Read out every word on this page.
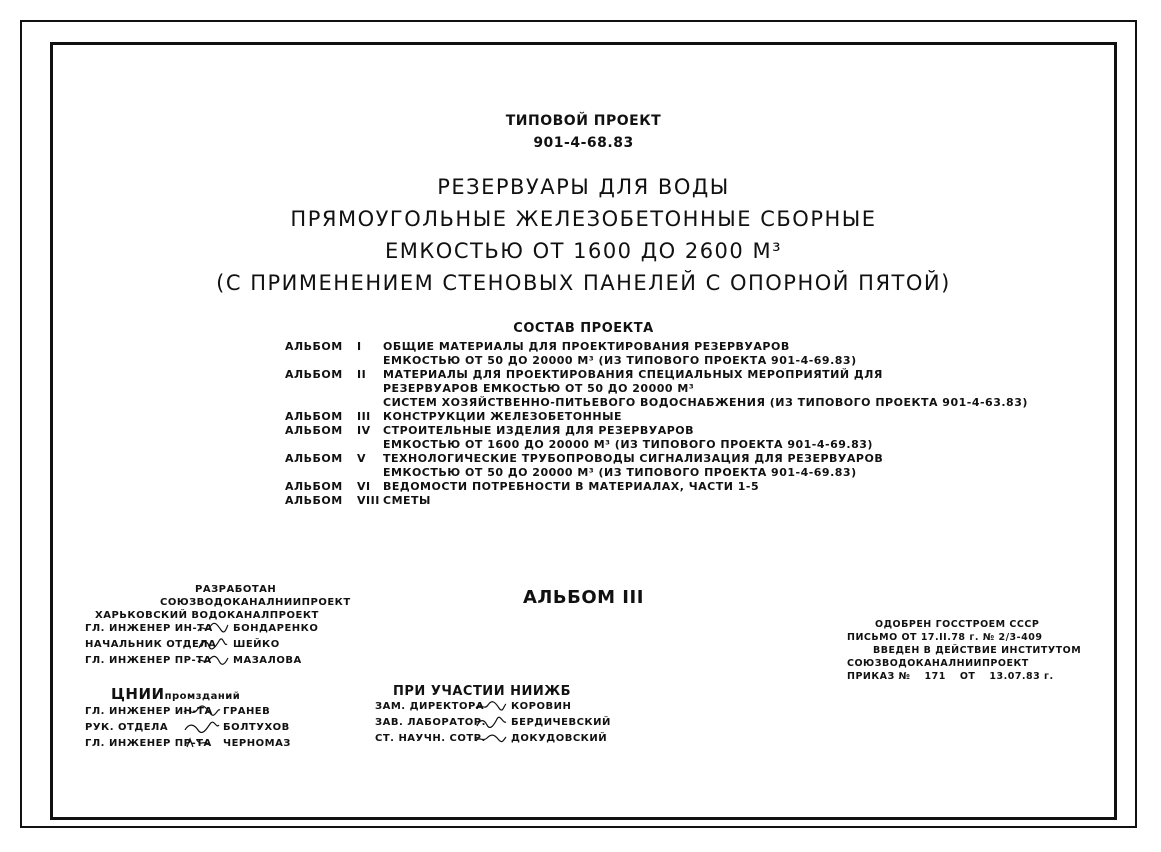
ТИПОВОЙ ПРОЕКТ
901-4-68.83
РЕЗЕРВУАРЫ ДЛЯ ВОДЫ
ПРЯМОУГОЛЬНЫЕ ЖЕЛЕЗОБЕТОННЫЕ СБОРНЫЕ
ЕМКОСТЬЮ ОТ 1600 ДО 2600 М³
(С ПРИМЕНЕНИЕМ СТЕНОВЫХ ПАНЕЛЕЙ С ОПОРНОЙ ПЯТОЙ)
СОСТАВ ПРОЕКТА
АЛЬБОМ	I	ОБЩИЕ МАТЕРИАЛЫ ДЛЯ ПРОЕКТИРОВАНИЯ РЕЗЕРВУАРОВ
ЕМКОСТЬЮ ОТ 50 ДО 20000 М³ (ИЗ ТИПОВОГО ПРОЕКТА 901-4-69.83)
АЛЬБОМ	II	МАТЕРИАЛЫ ДЛЯ ПРОЕКТИРОВАНИЯ СПЕЦИАЛЬНЫХ МЕРОПРИЯТИЙ ДЛЯ
РЕЗЕРВУАРОВ ЕМКОСТЬЮ ОТ 50 ДО 20000 М³
СИСТЕМ ХОЗЯЙСТВЕННО-ПИТЬЕВОГО ВОДОСНАБЖЕНИЯ (ИЗ ТИПОВОГО ПРОЕКТА 901-4-63.83)
АЛЬБОМ	III	КОНСТРУКЦИИ ЖЕЛЕЗОБЕТОННЫЕ
АЛЬБОМ	IV	СТРОИТЕЛЬНЫЕ ИЗДЕЛИЯ ДЛЯ РЕЗЕРВУАРОВ
ЕМКОСТЬЮ ОТ 1600 ДО 20000 М³ (ИЗ ТИПОВОГО ПРОЕКТА 901-4-69.83)
АЛЬБОМ	V	ТЕХНОЛОГИЧЕСКИЕ ТРУБОПРОВОДЫ СИГНАЛИЗАЦИЯ ДЛЯ РЕЗЕРВУАРОВ
ЕМКОСТЬЮ ОТ 50 ДО 20000 М³ (ИЗ ТИПОВОГО ПРОЕКТА 901-4-69.83)
АЛЬБОМ	VI	ВЕДОМОСТИ ПОТРЕБНОСТИ В МАТЕРИАЛАХ, ЧАСТИ 1-5
АЛЬБОМ	VIII СМЕТЫ
АЛЬБОМ III
РАЗРАБОТАН
СОЮЗВОДОКАНАЛНИИПРОЕКТ
ХАРЬКОВСКИЙ ВОДОКАНАЛПРОЕКТ
ГЛ. ИНЖЕНЕР ИН-ТА БОНДАРЕНКО
НАЧАЛЬНИК ОТДЕЛА ШЕЙКО
ГЛ. ИНЖЕНЕР ПР-ТА МАЗАЛОВА
ЦНИИпромзданий
ГЛ. ИНЖЕНЕР ИН-ТА ГРАНЕВ
РУК. ОТДЕЛА	БОЛТУХОВ
ГЛ. ИНЖЕНЕР ПР-ТА ЧЕРНОМАЗ
ПРИ УЧАСТИИ НИИЖБ
ЗАМ. ДИРЕКТОРА	КОРОВИН
ЗАВ. ЛАБОРАТОР.	БЕРДИЧЕВСКИЙ
СТ. НАУЧН. СОТР.	ДОКУДОВСКИЙ
ОДОБРЕН ГОССТРОЕМ СССР
ПИСЬМО ОТ 17.II.78 г. № 2/3-409
ВВЕДЕН В ДЕЙСТВИЕ ИНСТИТУТОМ
СОЮЗВОДОКАНАЛНИИПРОЕКТ
ПРИКАЗ № 171 ОТ 13.07.83 г.
